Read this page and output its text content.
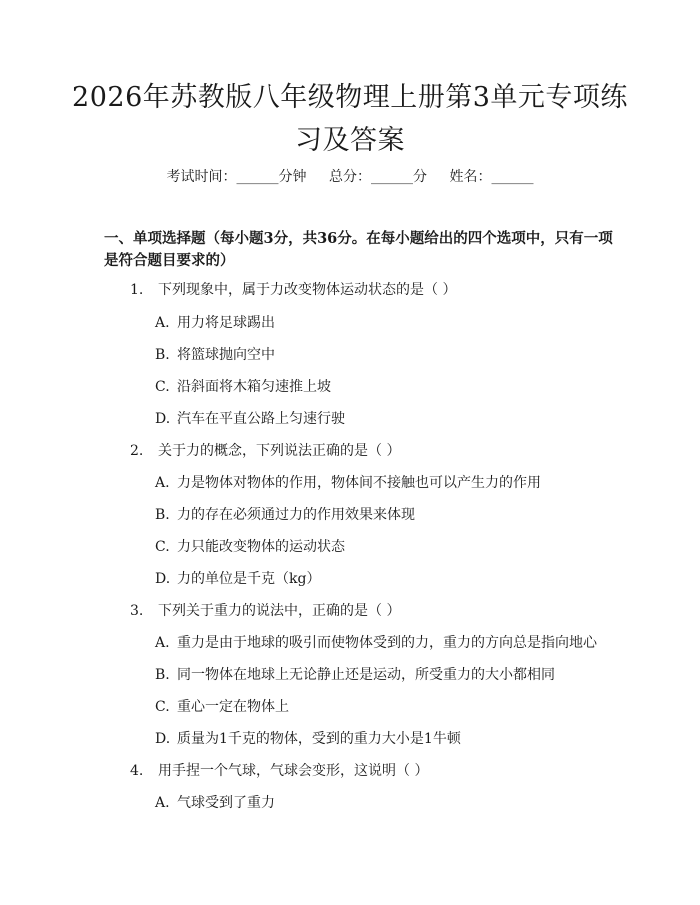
2026年苏教版八年级物理上册第3单元专项练习及答案
考试时间：______分钟 总分：______分 姓名：______
一、单项选择题（每小题3分，共36分。在每小题给出的四个选项中，只有一项是符合题目要求的）
1. 下列现象中，属于力改变物体运动状态的是（ ）
A. 用力将足球踢出
B. 将篮球抛向空中
C. 沿斜面将木箱匀速推上坡
D. 汽车在平直公路上匀速行驶
2. 关于力的概念，下列说法正确的是（ ）
A. 力是物体对物体的作用，物体间不接触也可以产生力的作用
B. 力的存在必须通过力的作用效果来体现
C. 力只能改变物体的运动状态
D. 力的单位是千克（kg）
3. 下列关于重力的说法中，正确的是（ ）
A. 重力是由于地球的吸引而使物体受到的力，重力的方向总是指向地心
B. 同一物体在地球上无论静止还是运动，所受重力的大小都相同
C. 重心一定在物体上
D. 质量为1千克的物体，受到的重力大小是1牛顿
4. 用手捏一个气球，气球会变形，这说明（ ）
A. 气球受到了重力
